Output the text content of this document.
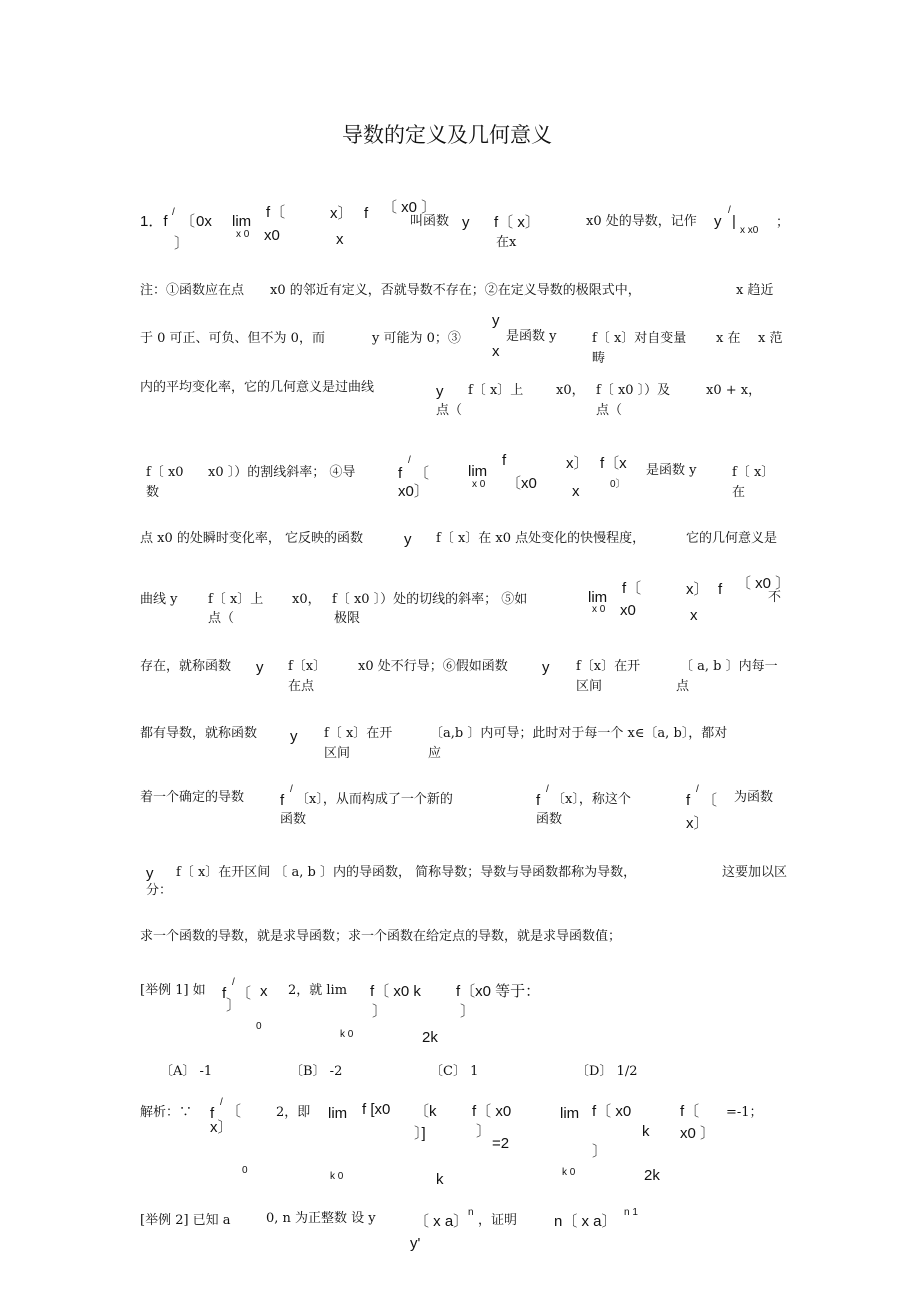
导数的定义及几何意义
1．f
/
〔 0x
〕
lim
x 0
f〔
x0
x〕 f 〔 x0 〕
x
叫函数 y f〔 x〕
在x
x0 处的导数，记作 y
/
|
x x0
；
注：①函数应在点 x0 的邻近有定义，否就导数不存在；②在定义导数的极限式中，	x 趋近
于 0 可正、可负、但不为 0，而	y 可能为 0；③
y
x
是函数 y	f〔 x〕对自变量 x 在 x 范
畴
内的平均变化率，它的几何意义是过曲线	y f〔 x〕上	x0， f〔 x0 〕）及	x0 + x，
点（	点（
f〔 x0 x0 〕）的割线斜率； ④导	f
/
〔
x0〕
lim
x 0
f
〔x0
x〕 f〔x
x	0〕
是函数 y	f〔 x〕
数	在
点 x0 的处瞬时变化率， 它反映的函数	y f〔 x〕在 x0 点处变化的快慢程度，	它的几何意义是
曲线 y f〔 x〕上 x0， f〔 x0 〕）处的切线的斜率； ⑤如
点（	极限
lim
x 0
f〔
x0
x〕 f 〔 x0 〕
x
不
存在，就称函数 y f〔x〕 x0 处不行导；⑥假如函数 y f〔x〕在开	〔 a, b 〕内每一
在点	区间	点
都有导数，就称函数 y f〔 x〕在开	〔a,b 〕内可导；此时对于每一个 x∈〔a, b〕，都对
区间	应
着一个确定的导数 f
/
〔x〕，从而构成了一个新的	f
/
〔x〕，称这个	f
/
〔 为函数
函数	函数	x〕
y f〔 x〕在开区间 〔 a, b 〕内的导函数， 简称导数；导数与导函数都称为导数，	这要加以区
分：
求一个函数的导数，就是求导函数；求一个函数在给定点的导数，就是求导函数值；
[举例 1] 如 f
/
〔
〕
x 2，就 lim f〔 x0 k f〔x0 等于：
〕	〕
0
k 0	2k
〔A〕 -1	〔B〕 -2	〔C〕 1	〔D〕 1/2
解析：∵ f
/
〔
x〕
2，即 lim f [x0 〔k
〕]
f〔 x0
〕
=2
lim f〔 x0
k
〕
f〔
x0 〕
=-1；
0
k 0	k	k 0	2k
[举例 2] 已知 a	0, n 为正整数 设 y	〔 x a〕
n
，证明 n〔 x a〕
n 1
y'
